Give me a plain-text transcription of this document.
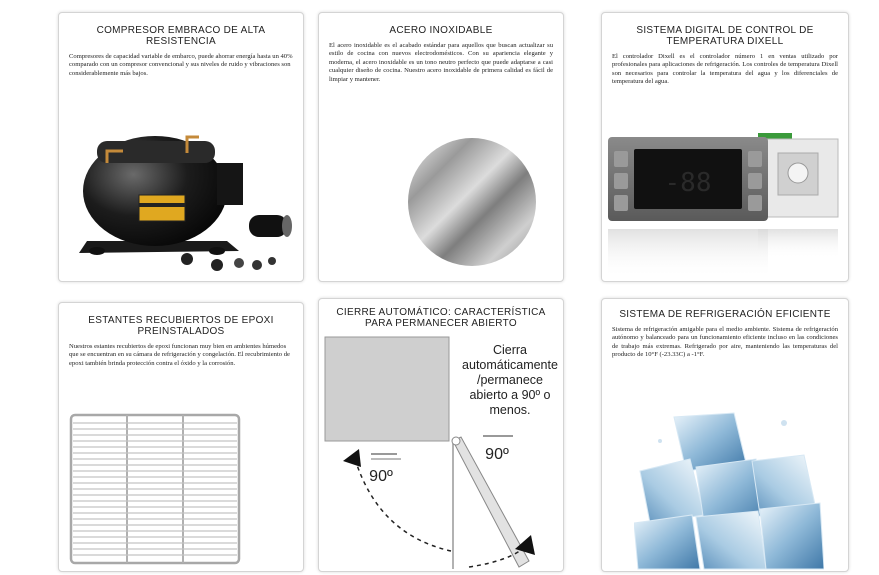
COMPRESOR EMBRACO DE ALTA RESISTENCIA
Compresores de capacidad variable de embarco, puede ahorrar energía hasta un 40% comparado con un compresor convencional y sus niveles de ruido y vibraciones son considerablemente más bajos.
ACERO INOXIDABLE
El acero inoxidable es el acabado estándar para aquellos que buscan actualizar su estilo de cocina con nuevos electrodomésticos. Con su apariencia elegante y moderna, el acero inoxidable es un tono neutro perfecto que puede adaptarse a casi cualquier diseño de cocina. Nuestro acero inoxidable de primera calidad es fácil de limpiar y mantener.
SISTEMA DIGITAL DE CONTROL DE TEMPERATURA DIXELL
El controlador Dixell es el controlador número 1 en ventas utilizado por profesionales para aplicaciones de refrigeración. Los controles de temperatura Dixell son necesarios para controlar la temperatura del agua y los diferenciales de temperatura del agua.
-88
ESTANTES RECUBIERTOS DE EPOXI PREINSTALADOS
Nuestros estantes recubiertos de epoxi funcionan muy bien en ambientes húmedos que se encuentran en su cámara de refrigeración y congelación. El recubrimiento de epoxi también brinda protección contra el óxido y la corrosión.
CIERRE AUTOMÁTICO: CARACTERÍSTICA PARA PERMANECER ABIERTO
90º
90º
Cierra automáticamente /permanece abierto a 90º o menos.
SISTEMA DE REFRIGERACIÓN EFICIENTE
Sistema de refrigeración amigable para el medio ambiente. Sistema de refrigeración autónomo y balanceado para un funcionamiento eficiente incluso en las condiciones de trabajo más extremas. Refrigerado por aire, manteniendo las temperaturas del producto de 10°F (-23.33C) a -1°F.
